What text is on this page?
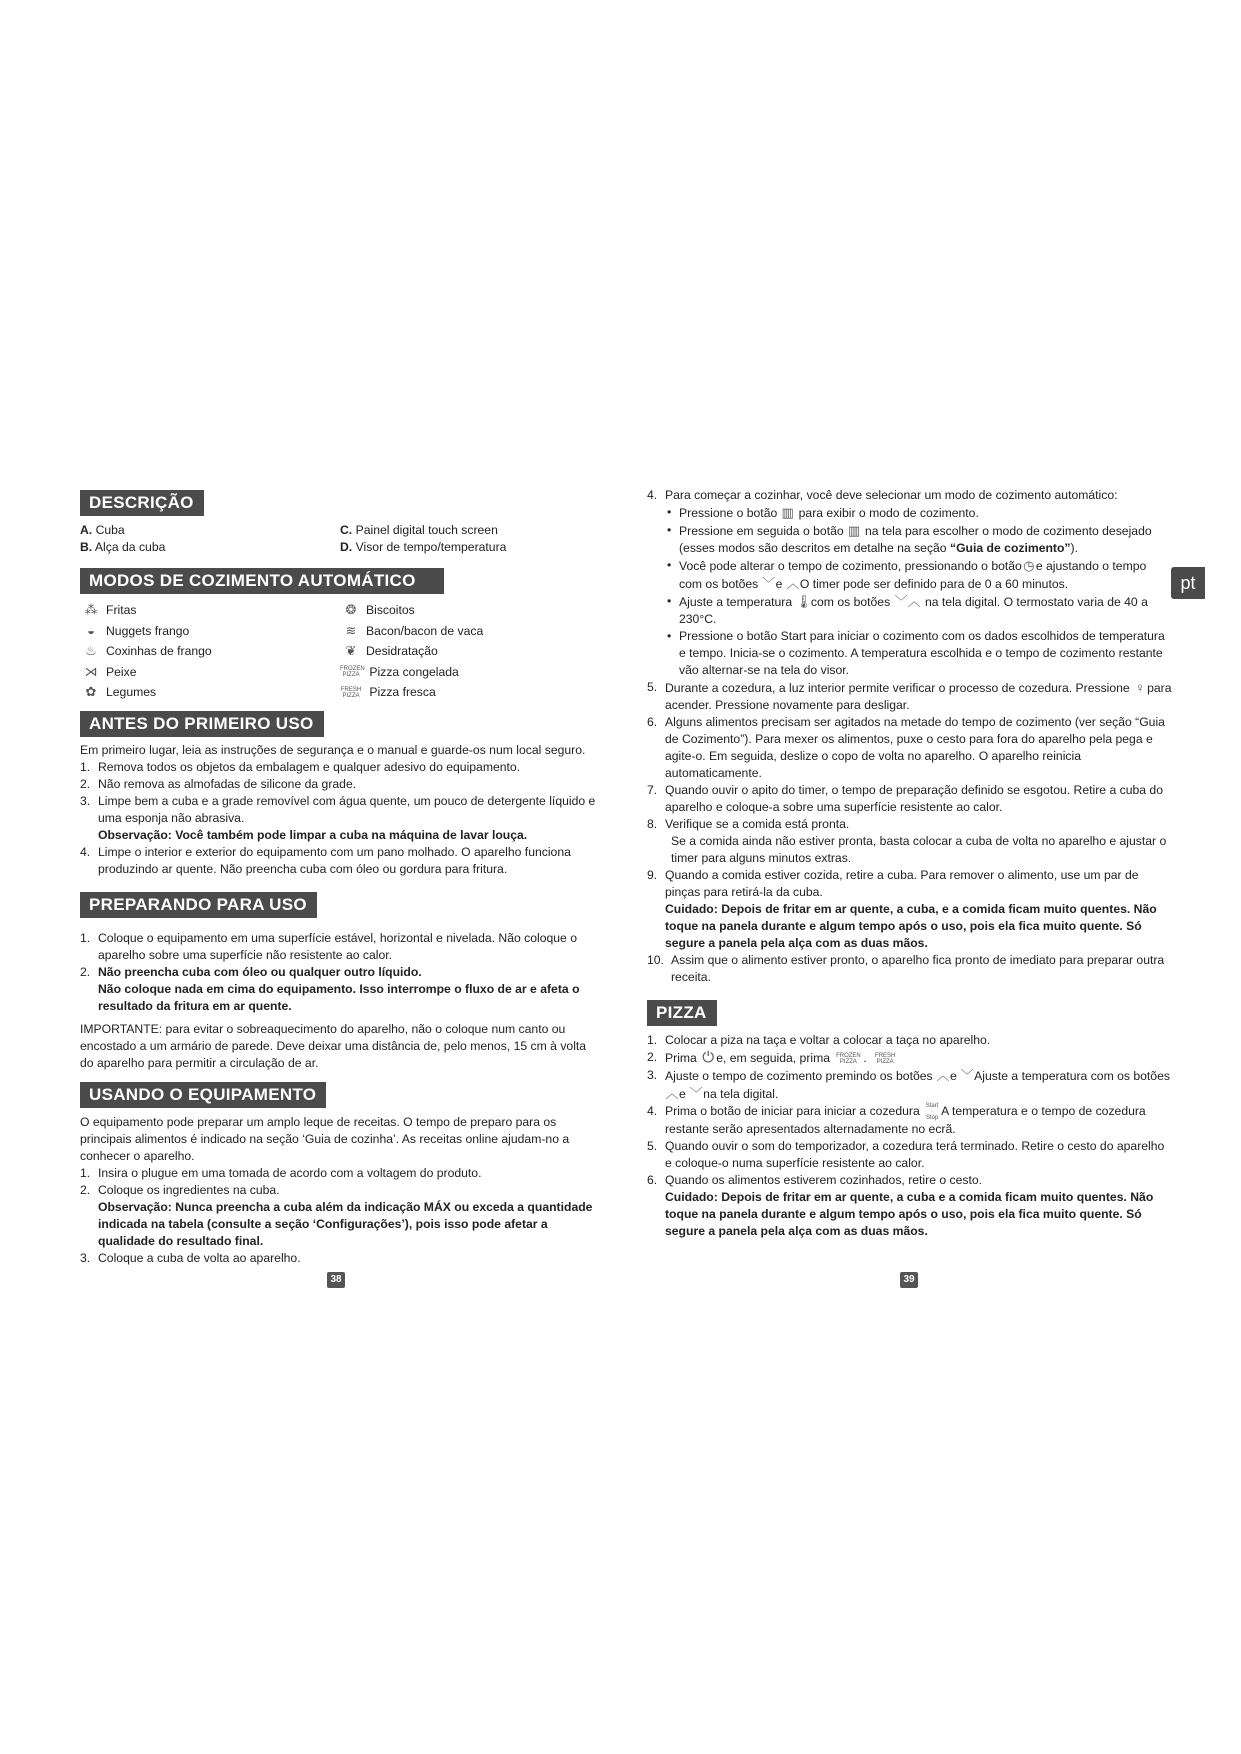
pt
DESCRIÇÃO
A. Cuba	C. Painel digital touch screen
B. Alça da cuba	D. Visor de tempo/temperatura
MODOS DE COZIMENTO AUTOMÁTICO
⁂ Fritas
◒ Nuggets frango
♨ Coxinhas de frango
⋊ Peixe
✿ Legumes
❂ Biscoitos
≋ Bacon/bacon de vaca
❦ Desidratação
FROZEN PIZZA Pizza congelada
FRESH PIZZA Pizza fresca
ANTES DO PRIMEIRO USO

Em primeiro lugar, leia as instruções de segurança e o manual e guarde-os num local seguro.

1. Remova todos os objetos da embalagem e qualquer adesivo do equipamento.
2. Não remova as almofadas de silicone da grade.
3. Limpe bem a cuba e a grade removível com água quente, um pouco de detergente líquido e uma esponja não abrasiva.
Observação: Você também pode limpar a cuba na máquina de lavar louça.
4. Limpe o interior e exterior do equipamento com um pano molhado. O aparelho funciona produzindo ar quente. Não preencha cuba com óleo ou gordura para fritura.
PREPARANDO PARA USO
1. Coloque o equipamento em uma superfície estável, horizontal e nivelada. Não coloque o aparelho sobre uma superfície não resistente ao calor.
2. Não preencha cuba com óleo ou qualquer outro líquido.
Não coloque nada em cima do equipamento. Isso interrompe o fluxo de ar e afeta o resultado da fritura em ar quente.

IMPORTANTE: para evitar o sobreaquecimento do aparelho, não o coloque num canto ou encostado a um armário de parede. Deve deixar uma distância de, pelo menos, 15 cm à volta do aparelho para permitir a circulação de ar.

USANDO O EQUIPAMENTO

O equipamento pode preparar um amplo leque de receitas. O tempo de preparo para os principais alimentos é indicado na seção ‘Guia de cozinha’. As receitas online ajudam-no a conhecer o aparelho.

1. Insira o plugue em uma tomada de acordo com a voltagem do produto.
2. Coloque os ingredientes na cuba.
Observação: Nunca preencha a cuba além da indicação MÁX ou exceda a quantidade indicada na tabela (consulte a seção ‘Configurações’), pois isso pode afetar a qualidade do resultado final.
3. Coloque a cuba de volta ao aparelho.
38
4. Para começar a cozinhar, você deve selecionar um modo de cozimento automático:
• Pressione o botão ▥ para exibir o modo de cozimento.
• Pressione em seguida o botão ▥ na tela para escolher o modo de cozimento desejado (esses modos são descritos em detalhe na seção “Guia de cozimento”).
• Você pode alterar o tempo de cozimento, pressionando o botão◷e ajustando o tempo com os botões ﹀e ︿O timer pode ser definido para de 0 a 60 minutos.
• Ajuste a temperatura 🌡 com os botões ﹀︿ na tela digital. O termostato varia de 40 a 230°C.
• Pressione o botão Start para iniciar o cozimento com os dados escolhidos de temperatura e tempo. Inicia-se o cozimento. A temperatura escolhida e o tempo de cozimento restante vão alternar-se na tela do visor.
5. Durante a cozedura, a luz interior permite verificar o processo de cozedura. Pressione ♀ para acender. Pressione novamente para desligar.
6. Alguns alimentos precisam ser agitados na metade do tempo de cozimento (ver seção “Guia de Cozimento”). Para mexer os alimentos, puxe o cesto para fora do aparelho pela pega e agite-o. Em seguida, deslize o copo de volta no aparelho. O aparelho reinicia automaticamente.
7. Quando ouvir o apito do timer, o tempo de preparação definido se esgotou. Retire a cuba do aparelho e coloque-a sobre uma superfície resistente ao calor.
8. Verifique se a comida está pronta.
Se a comida ainda não estiver pronta, basta colocar a cuba de volta no aparelho e ajustar o timer para alguns minutos extras.
9. Quando a comida estiver cozida, retire a cuba. Para remover o alimento, use um par de pinças para retirá-la da cuba.
Cuidado: Depois de fritar em ar quente, a cuba, e a comida ficam muito quentes. Não toque na panela durante e algum tempo após o uso, pois ela fica muito quente. Só segure a panela pela alça com as duas mãos.
10. Assim que o alimento estiver pronto, o aparelho fica pronto de imediato para preparar outra receita.
PIZZA
1. Colocar a piza na taça e voltar a colocar a taça no aparelho.
2. Prima ⏻ e, em seguida, prima FROZEN PIZZA . FRESH PIZZA
3. Ajuste o tempo de cozimento premindo os botões ︿e ﹀Ajuste a temperatura com os botões ︿e ﹀na tela digital.
4. Prima o botão de iniciar para iniciar a cozedura Start
·
Stop A temperatura e o tempo de cozedura restante serão apresentados alternadamente no ecrã.
5. Quando ouvir o som do temporizador, a cozedura terá terminado. Retire o cesto do aparelho e coloque-o numa superfície resistente ao calor.
6. Quando os alimentos estiverem cozinhados, retire o cesto.
Cuidado: Depois de fritar em ar quente, a cuba e a comida ficam muito quentes. Não toque na panela durante e algum tempo após o uso, pois ela fica muito quente. Só segure a panela pela alça com as duas mãos.
39
